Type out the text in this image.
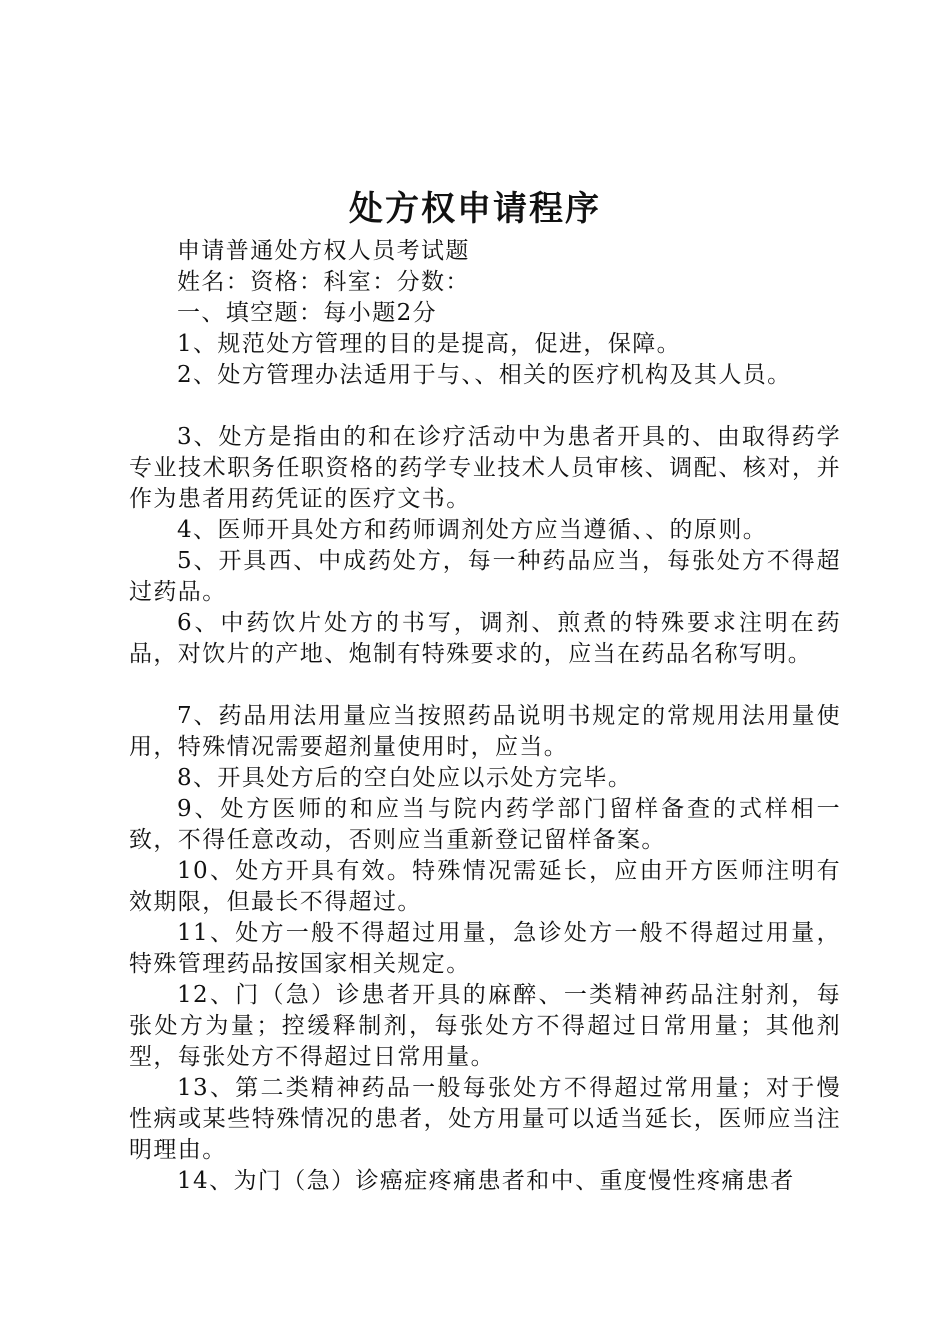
处方权申请程序

申请普通处方权人员考试题

姓名：资格：科室：分数：

一、填空题：每小题2分

1、规范处方管理的目的是提高，促进，保障。

2、处方管理办法适用于与、、相关的医疗机构及其人员。

3、处方是指由的和在诊疗活动中为患者开具的、由取得药学专业技术职务任职资格的药学专业技术人员审核、调配、核对，并作为患者用药凭证的医疗文书。

4、医师开具处方和药师调剂处方应当遵循、、的原则。

5、开具西、中成药处方，每一种药品应当，每张处方不得超过药品。

6、中药饮片处方的书写，调剂、煎煮的特殊要求注明在药品，对饮片的产地、炮制有特殊要求的，应当在药品名称写明。

7、药品用法用量应当按照药品说明书规定的常规用法用量使用，特殊情况需要超剂量使用时，应当。

8、开具处方后的空白处应以示处方完毕。

9、处方医师的和应当与院内药学部门留样备查的式样相一致，不得任意改动，否则应当重新登记留样备案。

10、处方开具有效。特殊情况需延长，应由开方医师注明有效期限，但最长不得超过。

11、处方一般不得超过用量，急诊处方一般不得超过用量，特殊管理药品按国家相关规定。

12、门（急）诊患者开具的麻醉、一类精神药品注射剂，每张处方为量；控缓释制剂，每张处方不得超过日常用量；其他剂型，每张处方不得超过日常用量。

13、第二类精神药品一般每张处方不得超过常用量；对于慢性病或某些特殊情况的患者，处方用量可以适当延长，医师应当注明理由。

14、为门（急）诊癌症疼痛患者和中、重度慢性疼痛患者
